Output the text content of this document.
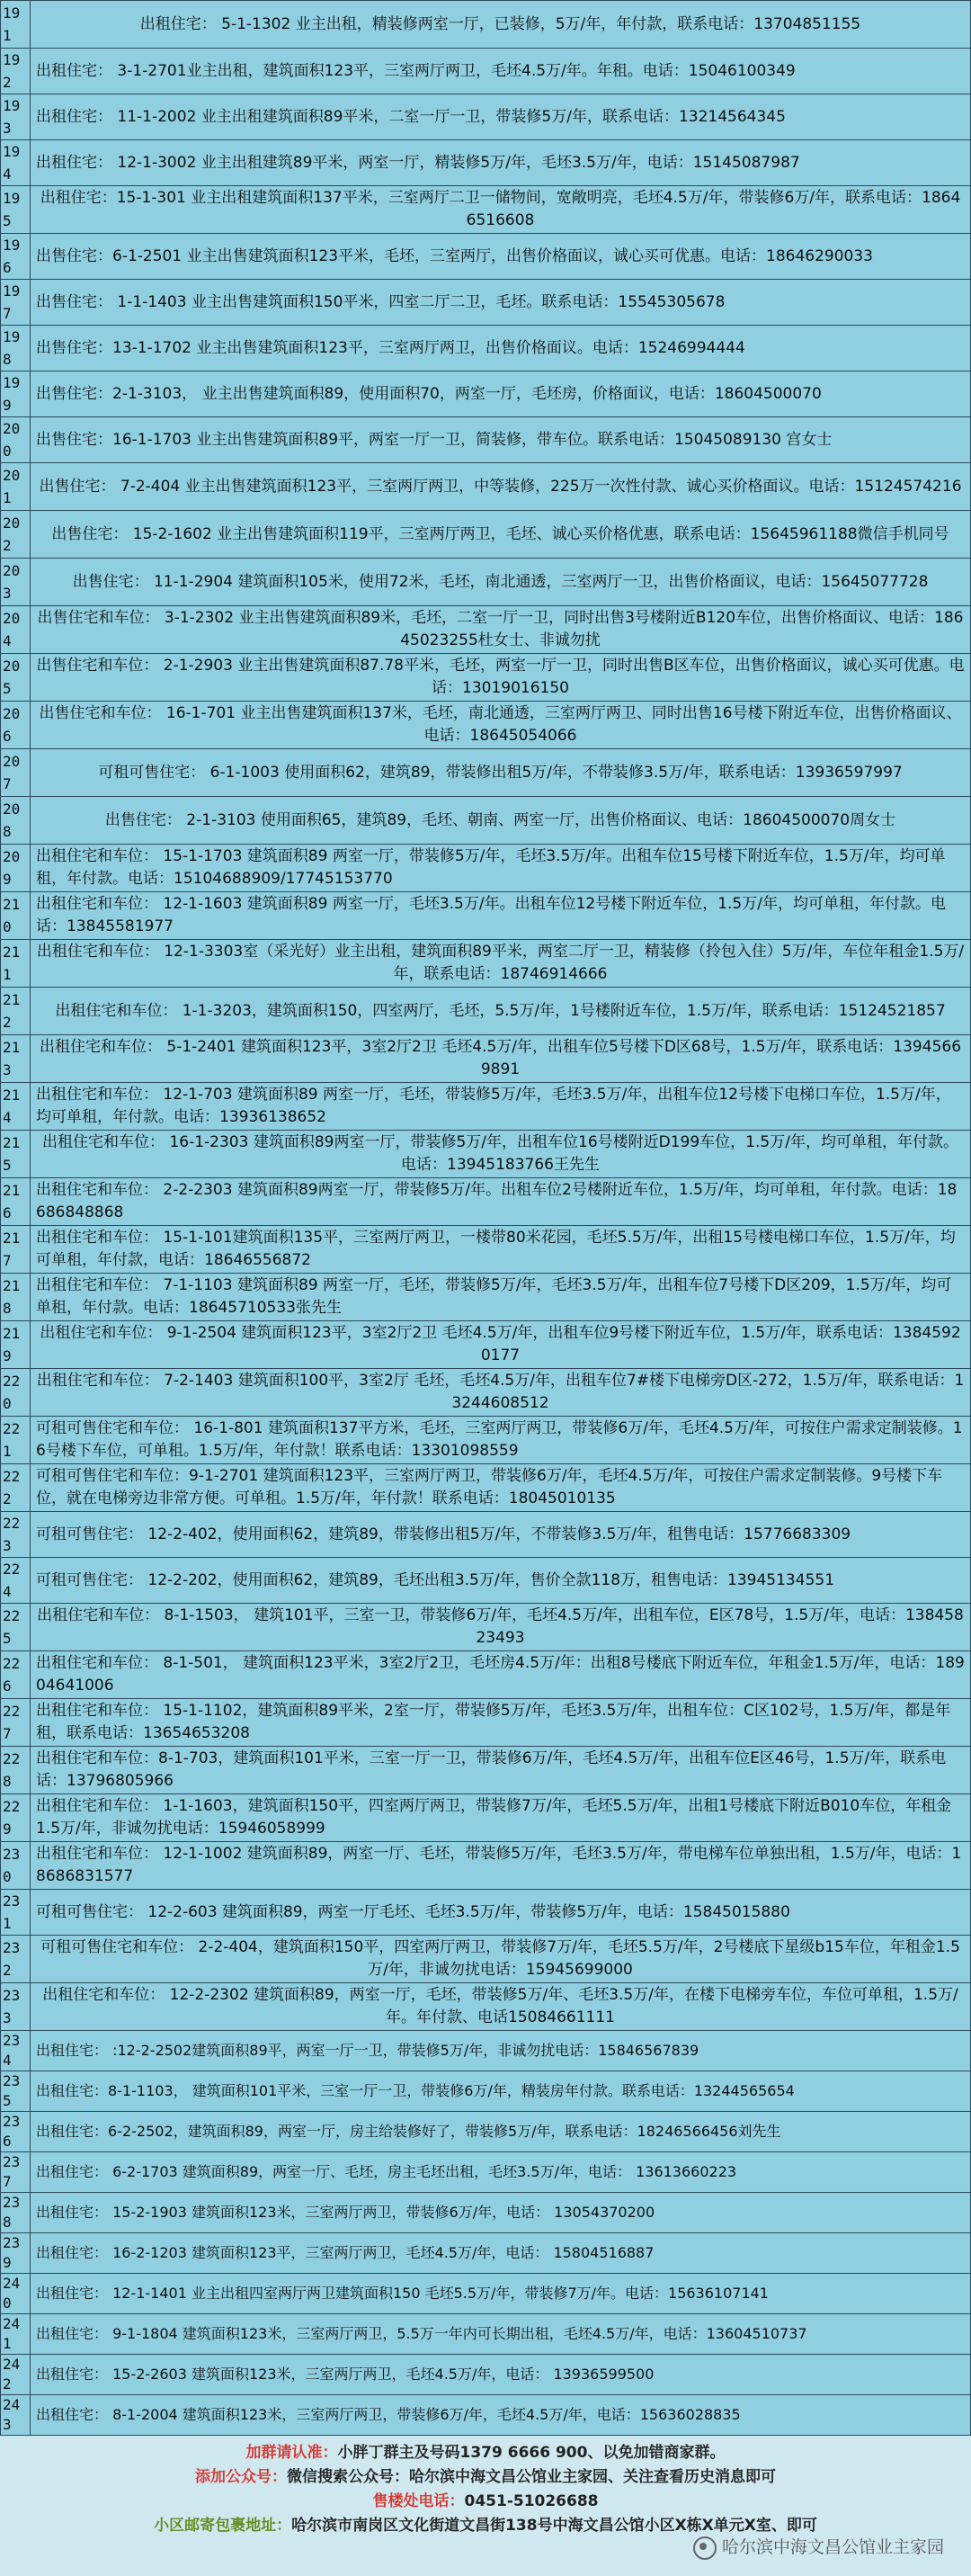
191	出租住宅： 5-1-1302 业主出租，精装修两室一厅，已装修，5万/年，年付款，联系电话：13704851155
192	出租住宅： 3-1-2701业主出租，建筑面积123平，三室两厅两卫，毛坯4.5万/年。年租。电话：15046100349
193	出租住宅： 11-1-2002 业主出租建筑面积89平米，二室一厅一卫，带装修5万/年，联系电话：13214564345
194	出租住宅： 12-1-3002 业主出租建筑89平米，两室一厅，精装修5万/年，毛坯3.5万/年，电话：15145087987
195	出租住宅：15-1-301 业主出租建筑面积137平米，三室两厅二卫一储物间，宽敞明亮，毛坯4.5万/年，带装修6万/年，联系电话：18646516608
196	出售住宅：6-1-2501 业主出售建筑面积123平米，毛坯，三室两厅，出售价格面议，诚心买可优惠。电话：18646290033
197	出售住宅： 1-1-1403 业主出售建筑面积150平米，四室二厅二卫，毛坯。联系电话：15545305678
198	出售住宅：13-1-1702 业主出售建筑面积123平，三室两厅两卫，出售价格面议。电话：15246994444
199	出售住宅：2-1-3103， 业主出售建筑面积89，使用面积70，两室一厅，毛坯房，价格面议，电话：18604500070
200	出售住宅：16-1-1703 业主出售建筑面积89平，两室一厅一卫，简装修，带车位。联系电话：15045089130 宫女士
201	出售住宅： 7-2-404 业主出售建筑面积123平，三室两厅两卫，中等装修，225万一次性付款、诚心买价格面议。电话：15124574216
202	出售住宅： 15-2-1602 业主出售建筑面积119平，三室两厅两卫，毛坯、诚心买价格优惠，联系电话：15645961188微信手机同号
203	出售住宅： 11-1-2904 建筑面积105米，使用72米，毛坯，南北通透，三室两厅一卫，出售价格面议，电话：15645077728
204	出售住宅和车位： 3-1-2302 业主出售建筑面积89米，毛坯，二室一厅一卫，同时出售3号楼附近B120车位，出售价格面议、电话：18645023255杜女士、非诚勿扰
205	出售住宅和车位： 2-1-2903 业主出售建筑面积87.78平米，毛坯，两室一厅一卫，同时出售B区车位，出售价格面议，诚心买可优惠。电话：13019016150
206	出售住宅和车位： 16-1-701 业主出售建筑面积137米，毛坯，南北通透，三室两厅两卫、同时出售16号楼下附近车位，出售价格面议、电话：18645054066
207	可租可售住宅： 6-1-1003 使用面积62，建筑89，带装修出租5万/年，不带装修3.5万/年，联系电话：13936597997
208	出售住宅： 2-1-3103 使用面积65，建筑89，毛坯、朝南、两室一厅，出售价格面议、电话：18604500070周女士
209	出租住宅和车位： 15-1-1703 建筑面积89 两室一厅，带装修5万/年，毛坯3.5万/年。出租车位15号楼下附近车位，1.5万/年，均可单租，年付款。电话：15104688909/17745153770
210	出租住宅和车位： 12-1-1603 建筑面积89 两室一厅，毛坯3.5万/年。出租车位12号楼下附近车位，1.5万/年，均可单租，年付款。电话：13845581977
211	出租住宅和车位： 12-1-3303室（采光好）业主出租，建筑面积89平米，两室二厅一卫，精装修（拎包入住）5万/年，车位年租金1.5万/年，联系电话：18746914666
212	出租住宅和车位： 1-1-3203，建筑面积150，四室两厅，毛坯，5.5万/年，1号楼附近车位，1.5万/年，联系电话：15124521857
213	出租住宅和车位： 5-1-2401 建筑面积123平，3室2厅2卫 毛坯4.5万/年，出租车位5号楼下D区68号，1.5万/年，联系电话：13945669891
214	出租住宅和车位： 12-1-703 建筑面积89 两室一厅，毛坯，带装修5万/年，毛坯3.5万/年，出租车位12号楼下电梯口车位，1.5万/年，均可单租，年付款。电话：13936138652
215	出租住宅和车位： 16-1-2303 建筑面积89两室一厅，带装修5万/年，出租车位16号楼附近D199车位，1.5万/年，均可单租，年付款。电话：13945183766王先生
216	出租住宅和车位： 2-2-2303 建筑面积89两室一厅，带装修5万/年。出租车位2号楼附近车位，1.5万/年，均可单租，年付款。电话：18686848868
217	出租住宅和车位： 15-1-101建筑面积135平，三室两厅两卫，一楼带80米花园，毛坯5.5万/年，出租15号楼电梯口车位，1.5万/年，均可单租，年付款，电话：18646556872
218	出租住宅和车位： 7-1-1103 建筑面积89 两室一厅，毛坯，带装修5万/年，毛坯3.5万/年，出租车位7号楼下D区209，1.5万/年，均可单租，年付款。电话：18645710533张先生
219	出租住宅和车位： 9-1-2504 建筑面积123平，3室2厅2卫 毛坯4.5万/年，出租车位9号楼下附近车位，1.5万/年，联系电话：13845920177
220	出租住宅和车位： 7-2-1403 建筑面积100平，3室2厅 毛坯，毛坯4.5万/年，出租车位7#楼下电梯旁D区-272，1.5万/年，联系电话：13244608512
221	可租可售住宅和车位： 16-1-801 建筑面积137平方米，毛坯，三室两厅两卫，带装修6万/年，毛坯4.5万/年，可按住户需求定制装修。16号楼下车位，可单租。1.5万/年，年付款！联系电话：13301098559
222	可租可售住宅和车位：9-1-2701 建筑面积123平，三室两厅两卫，带装修6万/年，毛坯4.5万/年，可按住户需求定制装修。9号楼下车位，就在电梯旁边非常方便。可单租。1.5万/年，年付款！联系电话：18045010135
223	可租可售住宅： 12-2-402，使用面积62，建筑89，带装修出租5万/年，不带装修3.5万/年，租售电话：15776683309
224	可租可售住宅： 12-2-202，使用面积62，建筑89，毛坯出租3.5万/年，售价全款118万，租售电话：13945134551
225	出租住宅和车位： 8-1-1503， 建筑101平，三室一卫，带装修6万/年，毛坯4.5万/年，出租车位，E区78号，1.5万/年，电话：13845823493
226	出租住宅和车位： 8-1-501， 建筑面积123平米，3室2厅2卫，毛坯房4.5万/年：出租8号楼底下附近车位，年租金1.5万/年，电话：18904641006
227	出租住宅和车位： 15-1-1102，建筑面积89平米，2室一厅，带装修5万/年，毛坯3.5万/年，出租车位：C区102号，1.5万/年，都是年租，联系电话：13654653208
228	出租住宅和车位：8-1-703，建筑面积101平米，三室一厅一卫，带装修6万/年，毛坯4.5万/年，出租车位E区46号，1.5万/年，联系电话：13796805966
229	出租住宅和车位： 1-1-1603，建筑面积150平，四室两厅两卫，带装修7万/年，毛坯5.5万/年，出租1号楼底下附近B010车位，年租金1.5万/年，非诚勿扰电话：15946058999
230	出租住宅和车位： 12-1-1002 建筑面积89，两室一厅、毛坯，带装修5万/年，毛坯3.5万/年，带电梯车位单独出租，1.5万/年，电话：18686831577
231	可租可售住宅： 12-2-603 建筑面积89，两室一厅毛坯、毛坯3.5万/年，带装修5万/年，电话：15845015880
232	可租可售住宅和车位： 2-2-404，建筑面积150平，四室两厅两卫，带装修7万/年，毛坯5.5万/年，2号楼底下星级b15车位，年租金1.5万/年，非诚勿扰电话：15945699000
233	出租住宅和车位： 12-2-2302 建筑面积89，两室一厅，毛坯，带装修5万/年、毛坯3.5万/年，在楼下电梯旁车位，车位可单租，1.5万/年。年付款、电话15084661111
234	出租住宅： :12-2-2502建筑面积89平，两室一厅一卫，带装修5万/年，非诚勿扰电话：15846567839
235	出租住宅：8-1-1103， 建筑面积101平米，三室一厅一卫，带装修6万/年，精装房年付款。联系电话：13244565654
236	出租住宅：6-2-2502，建筑面积89，两室一厅，房主给装修好了，带装修5万/年，联系电话：18246566456刘先生
237	出租住宅： 6-2-1703 建筑面积89，两室一厅、毛坯，房主毛坯出租，毛坯3.5万/年，电话： 13613660223
238	出租住宅： 15-2-1903 建筑面积123米，三室两厅两卫，带装修6万/年，电话： 13054370200
239	出租住宅： 16-2-1203 建筑面积123平，三室两厅两卫，毛坯4.5万/年，电话： 15804516887
240	出租住宅： 12-1-1401 业主出租四室两厅两卫建筑面积150 毛坯5.5万/年，带装修7万/年。电话：15636107141
241	出租住宅： 9-1-1804 建筑面积123米，三室两厅两卫，5.5万一年内可长期出租，毛坯4.5万/年，电话：13604510737
242	出租住宅： 15-2-2603 建筑面积123米，三室两厅两卫，毛坯4.5万/年，电话： 13936599500
243	出租住宅： 8-1-2004 建筑面积123米，三室两厅两卫，带装修6万/年，毛坯4.5万/年，电话：15636028835
加群请认准：小胖丁群主及号码1379 6666 900、以免加错商家群。
添加公众号：微信搜索公众号：哈尔滨中海文昌公馆业主家园、关注查看历史消息即可
售楼处电话：0451-51026688
小区邮寄包裹地址：哈尔滨市南岗区文化街道文昌街138号中海文昌公馆小区X栋X单元X室、即可
哈尔滨中海文昌公馆业主家园
